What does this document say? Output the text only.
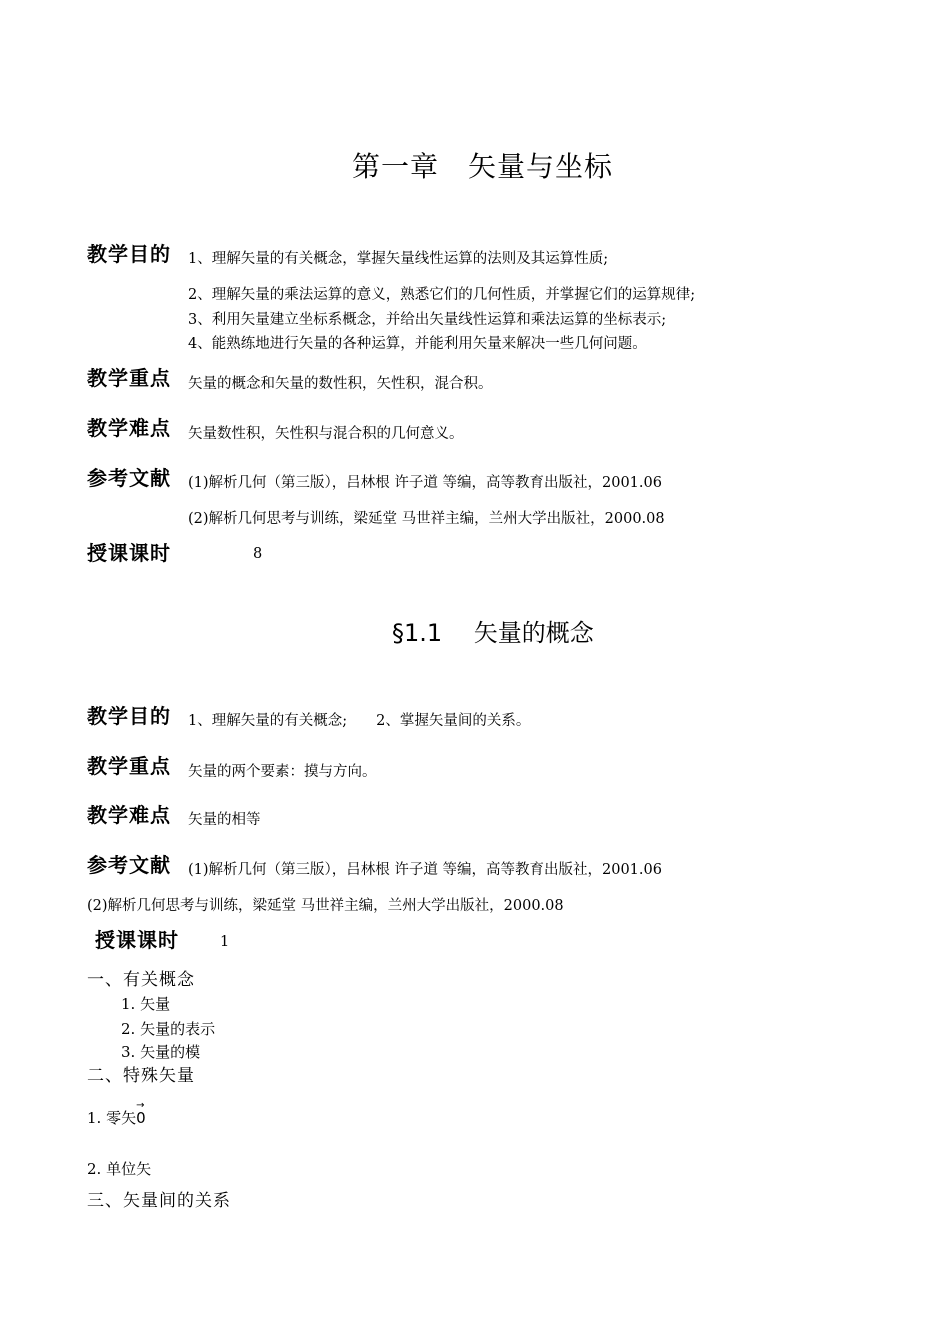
第一章　矢量与坐标
教学目的 1、理解矢量的有关概念，掌握矢量线性运算的法则及其运算性质;
2、理解矢量的乘法运算的意义，熟悉它们的几何性质，并掌握它们的运算规律;
3、利用矢量建立坐标系概念，并给出矢量线性运算和乘法运算的坐标表示;
4、能熟练地进行矢量的各种运算，并能利用矢量来解决一些几何问题。
教学重点 矢量的概念和矢量的数性积，矢性积，混合积。
教学难点 矢量数性积，矢性积与混合积的几何意义。
参考文献 (1)解析几何（第三版），吕林根 许子道 等编，高等教育出版社，2001.06
(2)解析几何思考与训练，梁延堂 马世祥主编，兰州大学出版社，2000.08
授课课时	8
§1.1　 矢量的概念
教学目的 1、理解矢量的有关概念;　　2、掌握矢量间的关系。
教学重点 矢量的两个要素：摸与方向。
教学难点 矢量的相等
参考文献 (1)解析几何（第三版），吕林根 许子道 等编，高等教育出版社，2001.06
(2)解析几何思考与训练，梁延堂 马世祥主编，兰州大学出版社，2000.08
授课课时	1
一、有关概念
1. 矢量
2. 矢量的表示
3. 矢量的模
二、特殊矢量
1. 零矢
→
0
2. 单位矢
三、矢量间的关系
